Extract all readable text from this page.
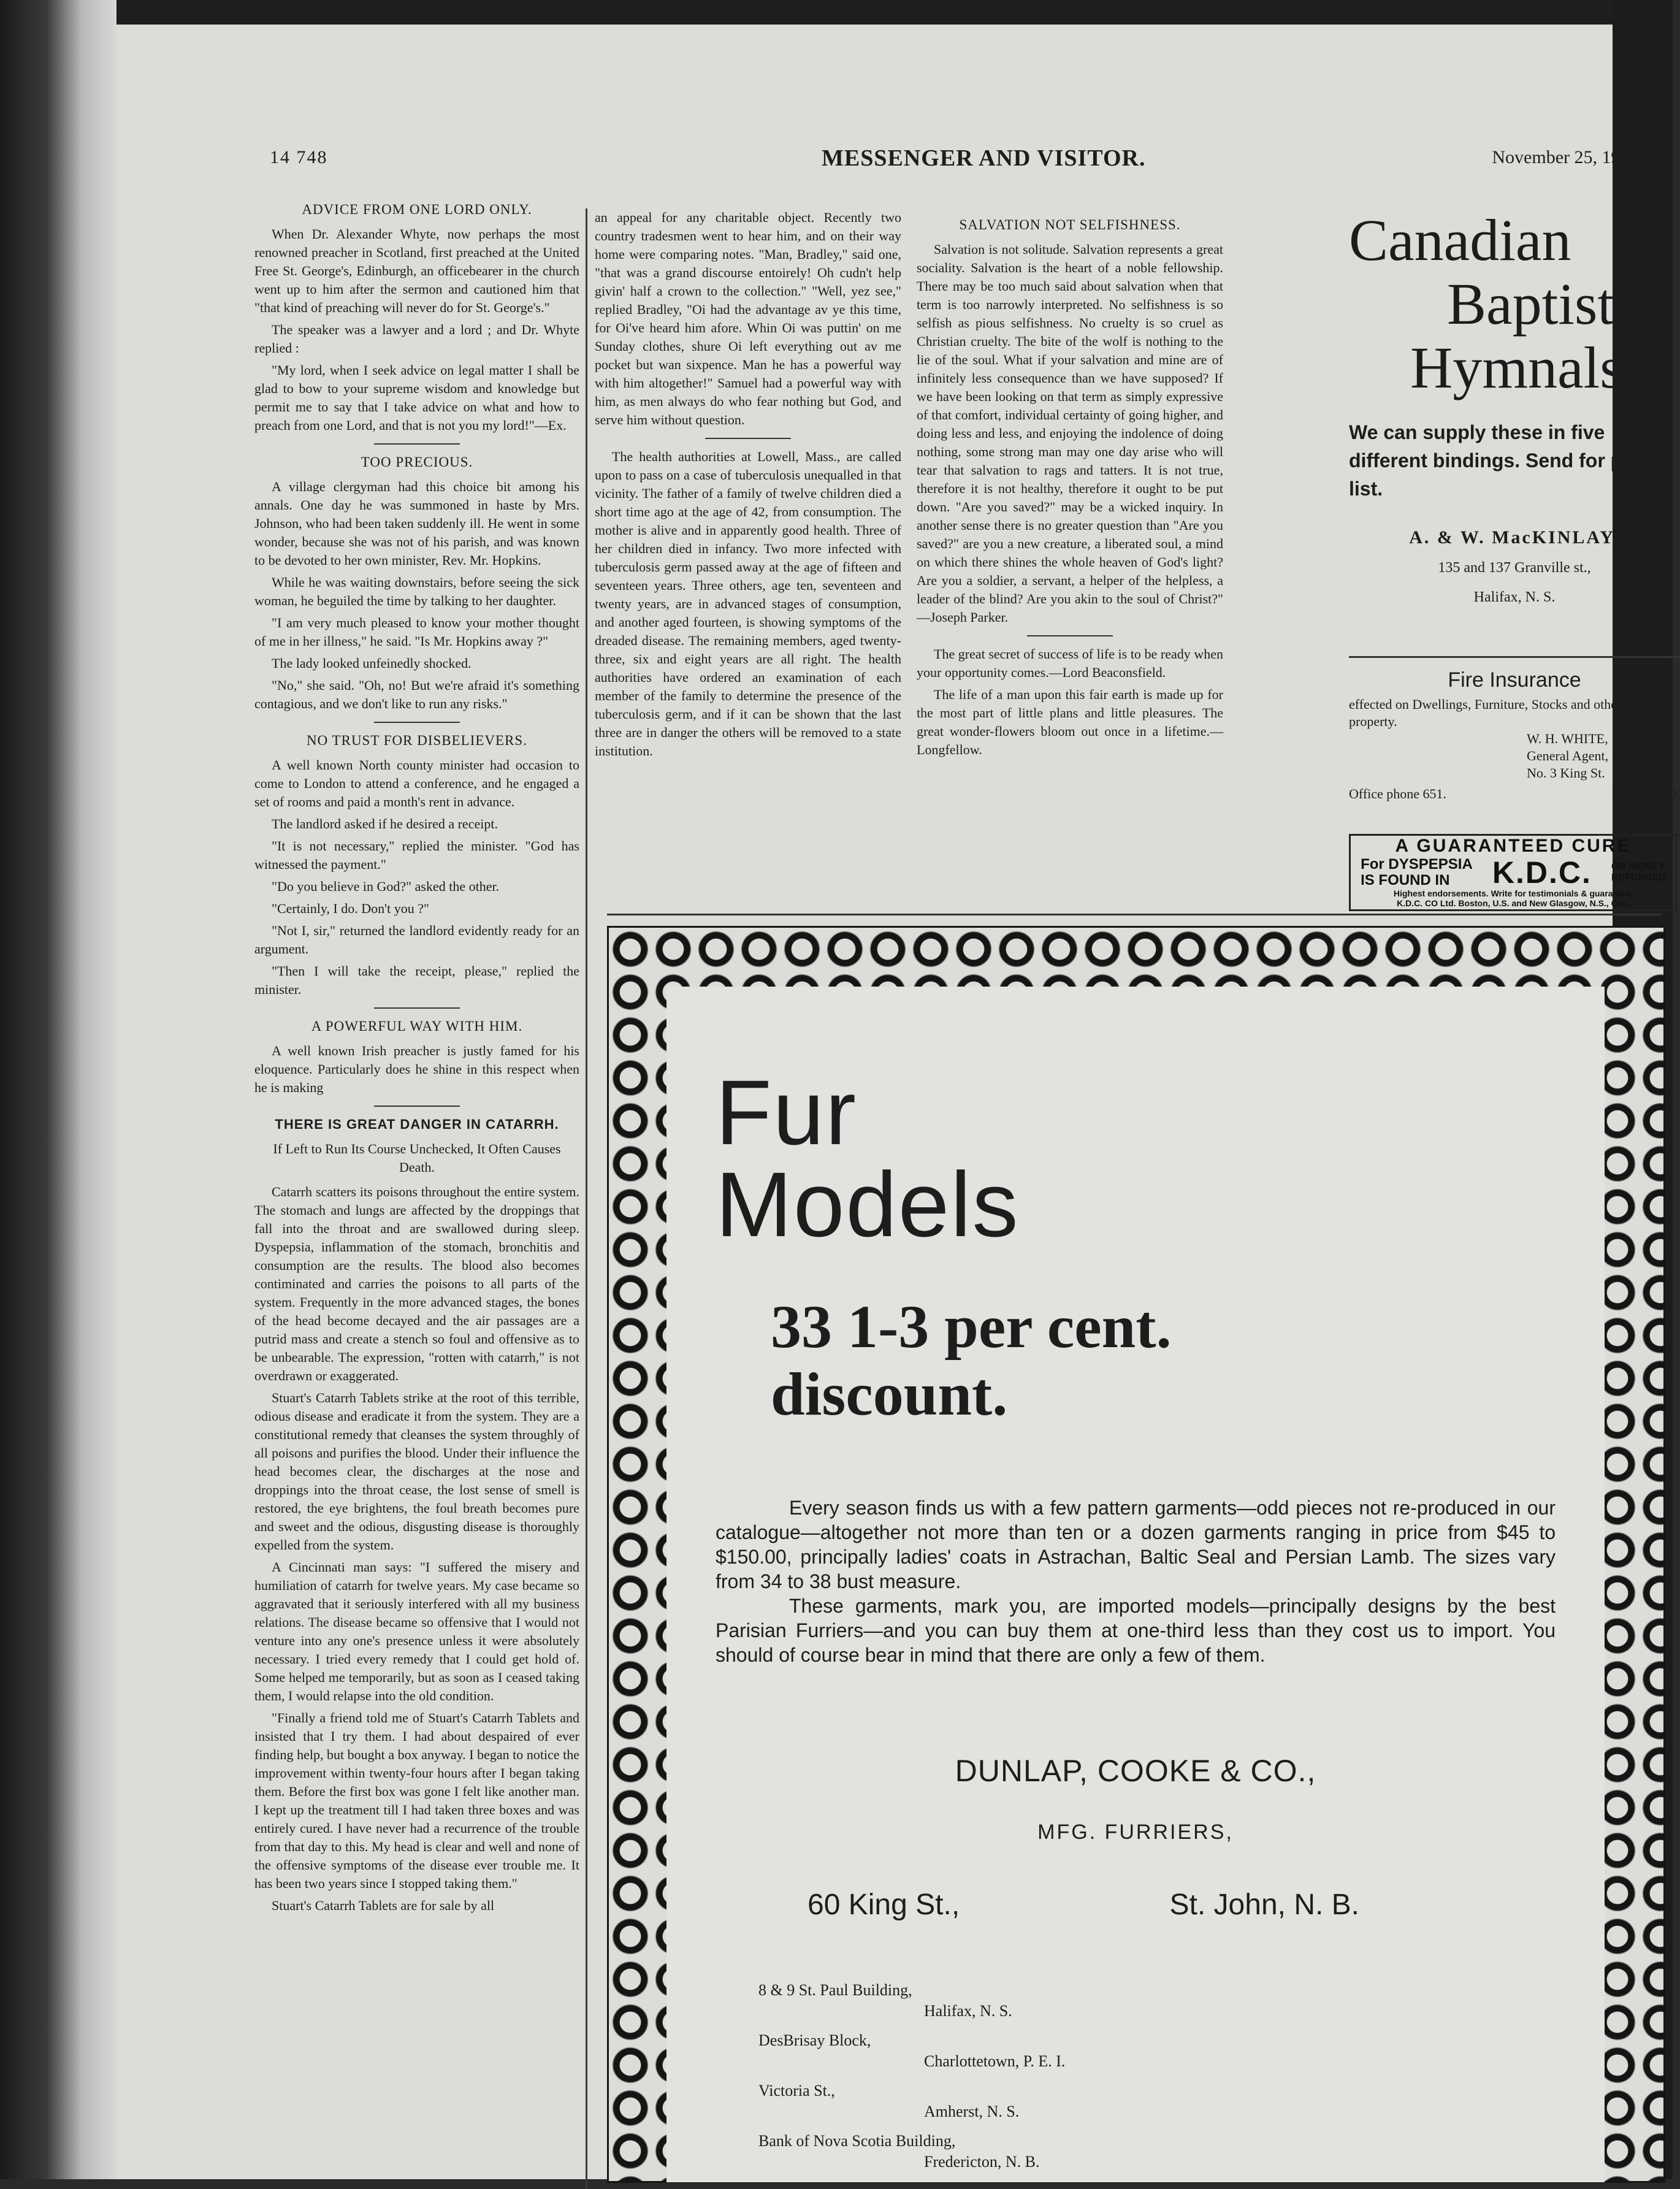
14 748	MESSENGER AND VISITOR.	November 25, 1903.
ADVICE FROM ONE LORD ONLY.

When Dr. Alexander Whyte, now perhaps the most renowned preacher in Scotland, first preached at the United Free St. George's, Edinburgh, an officebearer in the church went up to him after the sermon and cautioned him that "that kind of preaching will never do for St. George's."

The speaker was a lawyer and a lord ; and Dr. Whyte replied :

"My lord, when I seek advice on legal matter I shall be glad to bow to your supreme wisdom and knowledge but permit me to say that I take advice on what and how to preach from one Lord, and that is not you my lord!"—Ex.

TOO PRECIOUS.

A village clergyman had this choice bit among his annals. One day he was summoned in haste by Mrs. Johnson, who had been taken suddenly ill. He went in some wonder, because she was not of his parish, and was known to be devoted to her own minister, Rev. Mr. Hopkins.

While he was waiting downstairs, before seeing the sick woman, he beguiled the time by talking to her daughter.

"I am very much pleased to know your mother thought of me in her illness," he said. "Is Mr. Hopkins away ?"

The lady looked unfeinedly shocked.

"No," she said. "Oh, no! But we're afraid it's something contagious, and we don't like to run any risks."

NO TRUST FOR DISBELIEVERS.

A well known North county minister had occasion to come to London to attend a conference, and he engaged a set of rooms and paid a month's rent in advance.

The landlord asked if he desired a receipt.

"It is not necessary," replied the minister. "God has witnessed the payment."

"Do you believe in God?" asked the other.

"Certainly, I do. Don't you ?"

"Not I, sir," returned the landlord evidently ready for an argument.

"Then I will take the receipt, please," replied the minister.

A POWERFUL WAY WITH HIM.

A well known Irish preacher is justly famed for his eloquence. Particularly does he shine in this respect when he is making

THERE IS GREAT DANGER IN CATARRH.
If Left to Run Its Course Unchecked, It Often Causes Death.

Catarrh scatters its poisons throughout the entire system. The stomach and lungs are affected by the droppings that fall into the throat and are swallowed during sleep. Dyspepsia, inflammation of the stomach, bronchitis and consumption are the results. The blood also becomes contiminated and carries the poisons to all parts of the system. Frequently in the more advanced stages, the bones of the head become decayed and the air passages are a putrid mass and create a stench so foul and offensive as to be unbearable. The expression, "rotten with catarrh," is not overdrawn or exaggerated.

Stuart's Catarrh Tablets strike at the root of this terrible, odious disease and eradicate it from the system. They are a constitutional remedy that cleanses the system throughly of all poisons and purifies the blood. Under their influence the head becomes clear, the discharges at the nose and droppings into the throat cease, the lost sense of smell is restored, the eye brightens, the foul breath becomes pure and sweet and the odious, disgusting disease is thoroughly expelled from the system.

A Cincinnati man says: "I suffered the misery and humiliation of catarrh for twelve years. My case became so aggravated that it seriously interfered with all my business relations. The disease became so offensive that I would not venture into any one's presence unless it were absolutely necessary. I tried every remedy that I could get hold of. Some helped me temporarily, but as soon as I ceased taking them, I would relapse into the old condition.

"Finally a friend told me of Stuart's Catarrh Tablets and insisted that I try them. I had about despaired of ever finding help, but bought a box anyway. I began to notice the improvement within twenty-four hours after I began taking them. Before the first box was gone I felt like another man. I kept up the treatment till I had taken three boxes and was entirely cured. I have never had a recurrence of the trouble from that day to this. My head is clear and well and none of the offensive symptoms of the disease ever trouble me. It has been two years since I stopped taking them."

Stuart's Catarrh Tablets are for sale by all

an appeal for any charitable object. Recently two country tradesmen went to hear him, and on their way home were comparing notes. "Man, Bradley," said one, "that was a grand discourse entoirely! Oh cudn't help givin' half a crown to the collection." "Well, yez see," replied Bradley, "Oi had the advantage av ye this time, for Oi've heard him afore. Whin Oi was puttin' on me Sunday clothes, shure Oi left everything out av me pocket but wan sixpence. Man he has a powerful way with him altogether!" Samuel had a powerful way with him, as men always do who fear nothing but God, and serve him without question.

The health authorities at Lowell, Mass., are called upon to pass on a case of tuberculosis unequalled in that vicinity. The father of a family of twelve children died a short time ago at the age of 42, from consumption. The mother is alive and in apparently good health. Three of her children died in infancy. Two more infected with tuberculosis germ passed away at the age of fifteen and seventeen years. Three others, age ten, seventeen and twenty years, are in advanced stages of consumption, and another aged fourteen, is showing symptoms of the dreaded disease. The remaining members, aged twenty-three, six and eight years are all right. The health authorities have ordered an examination of each member of the family to determine the presence of the tuberculosis germ, and if it can be shown that the last three are in danger the others will be removed to a state institution.

SALVATION NOT SELFISHNESS.

Salvation is not solitude. Salvation represents a great sociality. Salvation is the heart of a noble fellowship. There may be too much said about salvation when that term is too narrowly interpreted. No selfishness is so selfish as pious selfishness. No cruelty is so cruel as Christian cruelty. The bite of the wolf is nothing to the lie of the soul. What if your salvation and mine are of infinitely less consequence than we have supposed? If we have been looking on that term as simply expressive of that comfort, individual certainty of going higher, and doing less and less, and enjoying the indolence of doing nothing, some strong man may one day arise who will tear that salvation to rags and tatters. It is not true, therefore it is not healthy, therefore it ought to be put down. "Are you saved?" may be a wicked inquiry. In another sense there is no greater question than "Are you saved?" are you a new creature, a liberated soul, a mind on which there shines the whole heaven of God's light? Are you a soldier, a servant, a helper of the helpless, a leader of the blind? Are you akin to the soul of Christ?" —Joseph Parker.

The great secret of success of life is to be ready when your opportunity comes.—Lord Beaconsfield.

The life of a man upon this fair earth is made up for the most part of little plans and little pleasures. The great wonder-flowers bloom out once in a lifetime.—Longfellow.

Canadian
Baptist
Hymnals.
We can supply these in five different bindings. Send for price list.
A. & W. MacKINLAY.
135 and 137 Granville st.,
Halifax, N. S.
Fire Insurance
effected on Dwellings, Furniture, Stocks and other insurable property.
W. H. WHITE,
General Agent,
No. 3 King St.
Office phone 651.	House 1060.
A GUARANTEED CURE
For DYSPEPSIA
IS FOUND IN	K.D.C. OR MONEY
REFUNDED
Highest endorsements. Write for testimonials & guarantee.
K.D.C. CO Ltd. Boston, U.S. and New Glasgow, N.S., Can.
Fur
Models
33 1-3 per cent.
discount.

Every season finds us with a few pattern garments—odd pieces not re-produced in our catalogue—altogether not more than ten or a dozen garments ranging in price from $45 to $150.00, principally ladies' coats in Astrachan, Baltic Seal and Persian Lamb. The sizes vary from 34 to 38 bust measure.

These garments, mark you, are imported models—principally designs by the best Parisian Furriers—and you can buy them at one-third less than they cost us to import. You should of course bear in mind that there are only a few of them.

DUNLAP, COOKE & CO.,
MFG. FURRIERS,
60 King St.,	St. John, N. B.
8 & 9 St. Paul Building,
Halifax, N. S.
DesBrisay Block,
Charlottetown, P. E. I.
Victoria St.,
Amherst, N. S.
Bank of Nova Scotia Building,
Fredericton, N. B.
